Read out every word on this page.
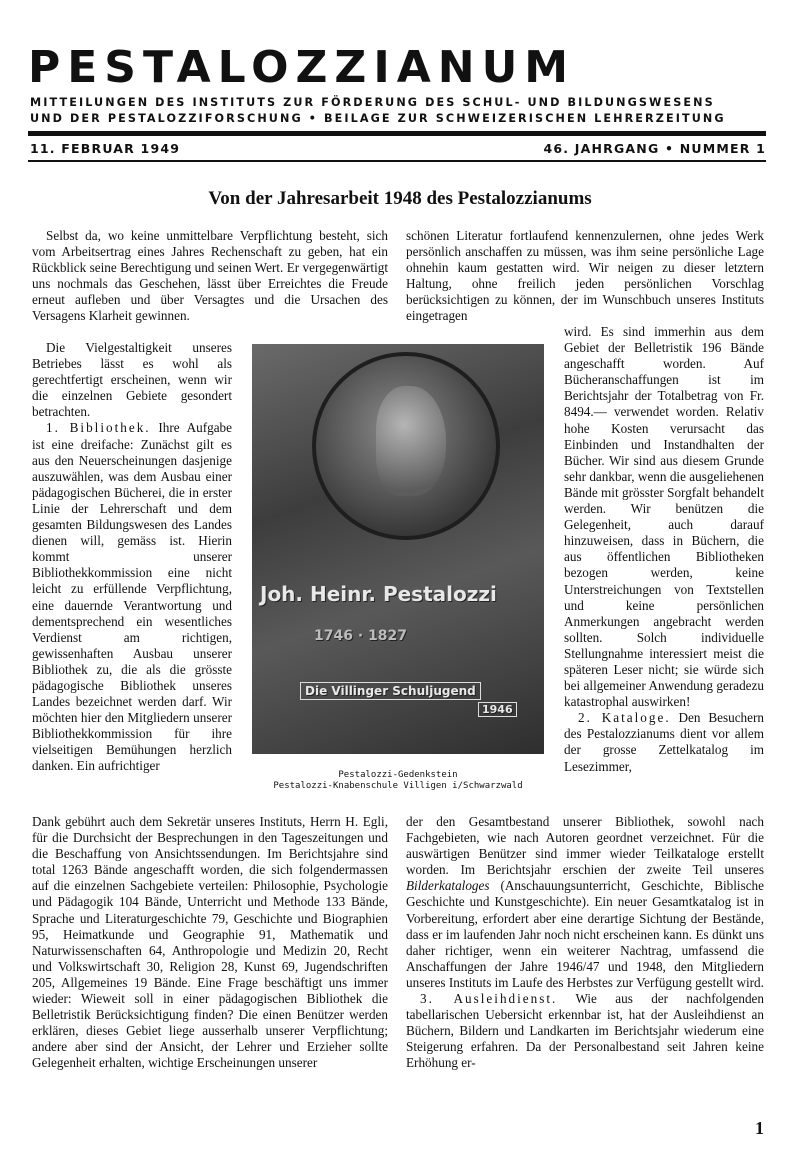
PESTALOZZIANUM
MITTEILUNGEN DES INSTITUTS ZUR FÖRDERUNG DES SCHUL- UND BILDUNGSWESENS
UND DER PESTALOZZIFORSCHUNG • BEILAGE ZUR SCHWEIZERISCHEN LEHRERZEITUNG
11. FEBRUAR 1949	46. JAHRGANG • NUMMER 1
Von der Jahresarbeit 1948 des Pestalozzianums

Selbst da, wo keine unmittelbare Verpflichtung besteht, sich vom Arbeitsertrag eines Jahres Rechenschaft zu geben, hat ein Rückblick seine Berechtigung und seinen Wert. Er vergegenwärtigt uns nochmals das Geschehen, lässt über Erreichtes die Freude erneut aufleben und über Versagtes und die Ursachen des Versagens Klarheit gewinnen.

Die Vielgestaltigkeit unseres Betriebes lässt es wohl als gerechtfertigt erscheinen, wenn wir die einzelnen Gebiete gesondert betrachten.

1. Bibliothek. Ihre Aufgabe ist eine dreifache: Zunächst gilt es aus den Neuerscheinungen dasjenige auszuwählen, was dem Ausbau einer pädagogischen Bücherei, die in erster Linie der Lehrerschaft und dem gesamten Bildungswesen des Landes dienen will, gemäss ist. Hierin kommt unserer Bibliothekkommission eine nicht leicht zu erfüllende Verpflichtung, eine dauernde Verantwortung und dementsprechend ein wesentliches Verdienst am richtigen, gewissenhaften Ausbau unserer Bibliothek zu, die als die grösste pädagogische Bibliothek unseres Landes bezeichnet werden darf. Wir möchten hier den Mitgliedern unserer Bibliothekkommission für ihre vielseitigen Bemühungen herzlich danken. Ein aufrichtiger

Dank gebührt auch dem Sekretär unseres Instituts, Herrn H. Egli, für die Durchsicht der Besprechungen in den Tageszeitungen und die Beschaffung von Ansichtssendungen. Im Berichtsjahre sind total 1263 Bände angeschafft worden, die sich folgendermassen auf die einzelnen Sachgebiete verteilen: Philosophie, Psychologie und Pädagogik 104 Bände, Unterricht und Methode 133 Bände, Sprache und Literaturgeschichte 79, Geschichte und Biographien 95, Heimatkunde und Geographie 91, Mathematik und Naturwissenschaften 64, Anthropologie und Medizin 20, Recht und Volkswirtschaft 30, Religion 28, Kunst 69, Jugendschriften 205, Allgemeines 19 Bände. Eine Frage beschäftigt uns immer wieder: Wieweit soll in einer pädagogischen Bibliothek die Belletristik Berücksichtigung finden? Die einen Benützer werden erklären, dieses Gebiet liege ausserhalb unserer Verpflichtung; andere aber sind der Ansicht, der Lehrer und Erzieher sollte Gelegenheit erhalten, wichtige Erscheinungen unserer

schönen Literatur fortlaufend kennenzulernen, ohne jedes Werk persönlich anschaffen zu müssen, was ihm seine persönliche Lage ohnehin kaum gestatten wird. Wir neigen zu dieser letztern Haltung, ohne freilich jeden persönlichen Vorschlag berücksichtigen zu können, der im Wunschbuch unseres Instituts eingetragen

wird. Es sind immerhin aus dem Gebiet der Belletristik 196 Bände angeschafft worden. Auf Bücheranschaffungen ist im Berichtsjahr der Totalbetrag von Fr. 8494.— verwendet worden. Relativ hohe Kosten verursacht das Einbinden und Instandhalten der Bücher. Wir sind aus diesem Grunde sehr dankbar, wenn die ausgeliehenen Bände mit grösster Sorgfalt behandelt werden. Wir benützen die Gelegenheit, auch darauf hinzuweisen, dass in Büchern, die aus öffentlichen Bibliotheken bezogen werden, keine Unterstreichungen von Textstellen und keine persönlichen Anmerkungen angebracht werden sollten. Solch individuelle Stellungnahme interessiert meist die späteren Leser nicht; sie würde sich bei allgemeiner Anwendung geradezu katastrophal auswirken!

2. Kataloge. Den Besuchern des Pestalozzianums dient vor allem der grosse Zettelkatalog im Lesezimmer,

der den Gesamtbestand unserer Bibliothek, sowohl nach Fachgebieten, wie nach Autoren geordnet verzeichnet. Für die auswärtigen Benützer sind immer wieder Teilkataloge erstellt worden. Im Berichtsjahr erschien der zweite Teil unseres Bilderkataloges (Anschauungsunterricht, Geschichte, Biblische Geschichte und Kunstgeschichte). Ein neuer Gesamtkatalog ist in Vorbereitung, erfordert aber eine derartige Sichtung der Bestände, dass er im laufenden Jahr noch nicht erscheinen kann. Es dünkt uns daher richtiger, wenn ein weiterer Nachtrag, umfassend die Anschaffungen der Jahre 1946/47 und 1948, den Mitgliedern unseres Instituts im Laufe des Herbstes zur Verfügung gestellt wird.

3. Ausleihdienst. Wie aus der nachfolgenden tabellarischen Uebersicht erkennbar ist, hat der Ausleihdienst an Büchern, Bildern und Landkarten im Berichtsjahr wiederum eine Steigerung erfahren. Da der Personalbestand seit Jahren keine Erhöhung er-

Joh. Heinr. Pestalozzi
1746 · 1827
Die Villinger Schuljugend
1946
Pestalozzi-Gedenkstein
Pestalozzi-Knabenschule Villigen i/Schwarzwald
1
